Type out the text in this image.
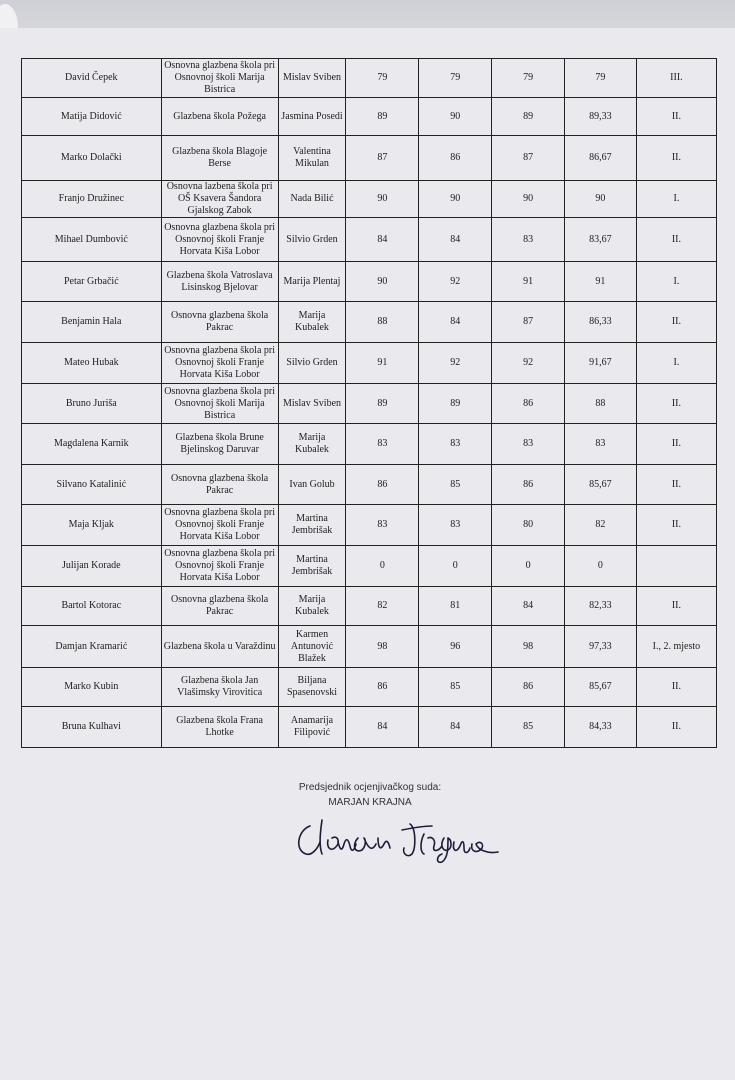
David Čepek	Osnovna glazbena škola pri Osnovnoj školi Marija Bistrica	Mislav Sviben	79	79	79	79	III.
Matija Didović	Glazbena škola Požega	Jasmina Posedi	89	90	89	89,33	II.
Marko Dolački	Glazbena škola Blagoje Berse	Valentina Mikulan	87	86	87	86,67	II.
Franjo Družinec	Osnovna lazbena škola pri OŠ Ksavera Šandora Gjalskog Zabok	Nada Bilić	90	90	90	90	I.
Mihael Dumbović	Osnovna glazbena škola pri Osnovnoj školi Franje Horvata Kiša Lobor	Silvio Grden	84	84	83	83,67	II.
Petar Grbačić	Glazbena škola Vatroslava Lisinskog Bjelovar	Marija Plentaj	90	92	91	91	I.
Benjamin Hala	Osnovna glazbena škola Pakrac	Marija Kubalek	88	84	87	86,33	II.
Mateo Hubak	Osnovna glazbena škola pri Osnovnoj školi Franje Horvata Kiša Lobor	Silvio Grden	91	92	92	91,67	I.
Bruno Juriša	Osnovna glazbena škola pri Osnovnoj školi Marija Bistrica	Mislav Sviben	89	89	86	88	II.
Magdalena Karnik	Glazbena škola Brune Bjelinskog Daruvar	Marija Kubalek	83	83	83	83	II.
Silvano Katalinić	Osnovna glazbena škola Pakrac	Ivan Golub	86	85	86	85,67	II.
Maja Kljak	Osnovna glazbena škola pri Osnovnoj školi Franje Horvata Kiša Lobor	Martina Jembrišak	83	83	80	82	II.
Julijan Korade	Osnovna glazbena škola pri Osnovnoj školi Franje Horvata Kiša Lobor	Martina Jembrišak	0	0	0	0	
Bartol Kotorac	Osnovna glazbena škola Pakrac	Marija Kubalek	82	81	84	82,33	II.
Damjan Kramarić	Glazbena škola u Varaždinu	Karmen Antunović Blažek	98	96	98	97,33	I., 2. mjesto
Marko Kubin	Glazbena škola Jan Vlašimsky Virovitica	Biljana Spasenovski	86	85	86	85,67	II.
Bruna Kulhavi	Glazbena škola Frana Lhotke	Anamarija Filipović	84	84	85	84,33	II.
Predsjednik ocjenjivačkog suda:
MARJAN KRAJNA
